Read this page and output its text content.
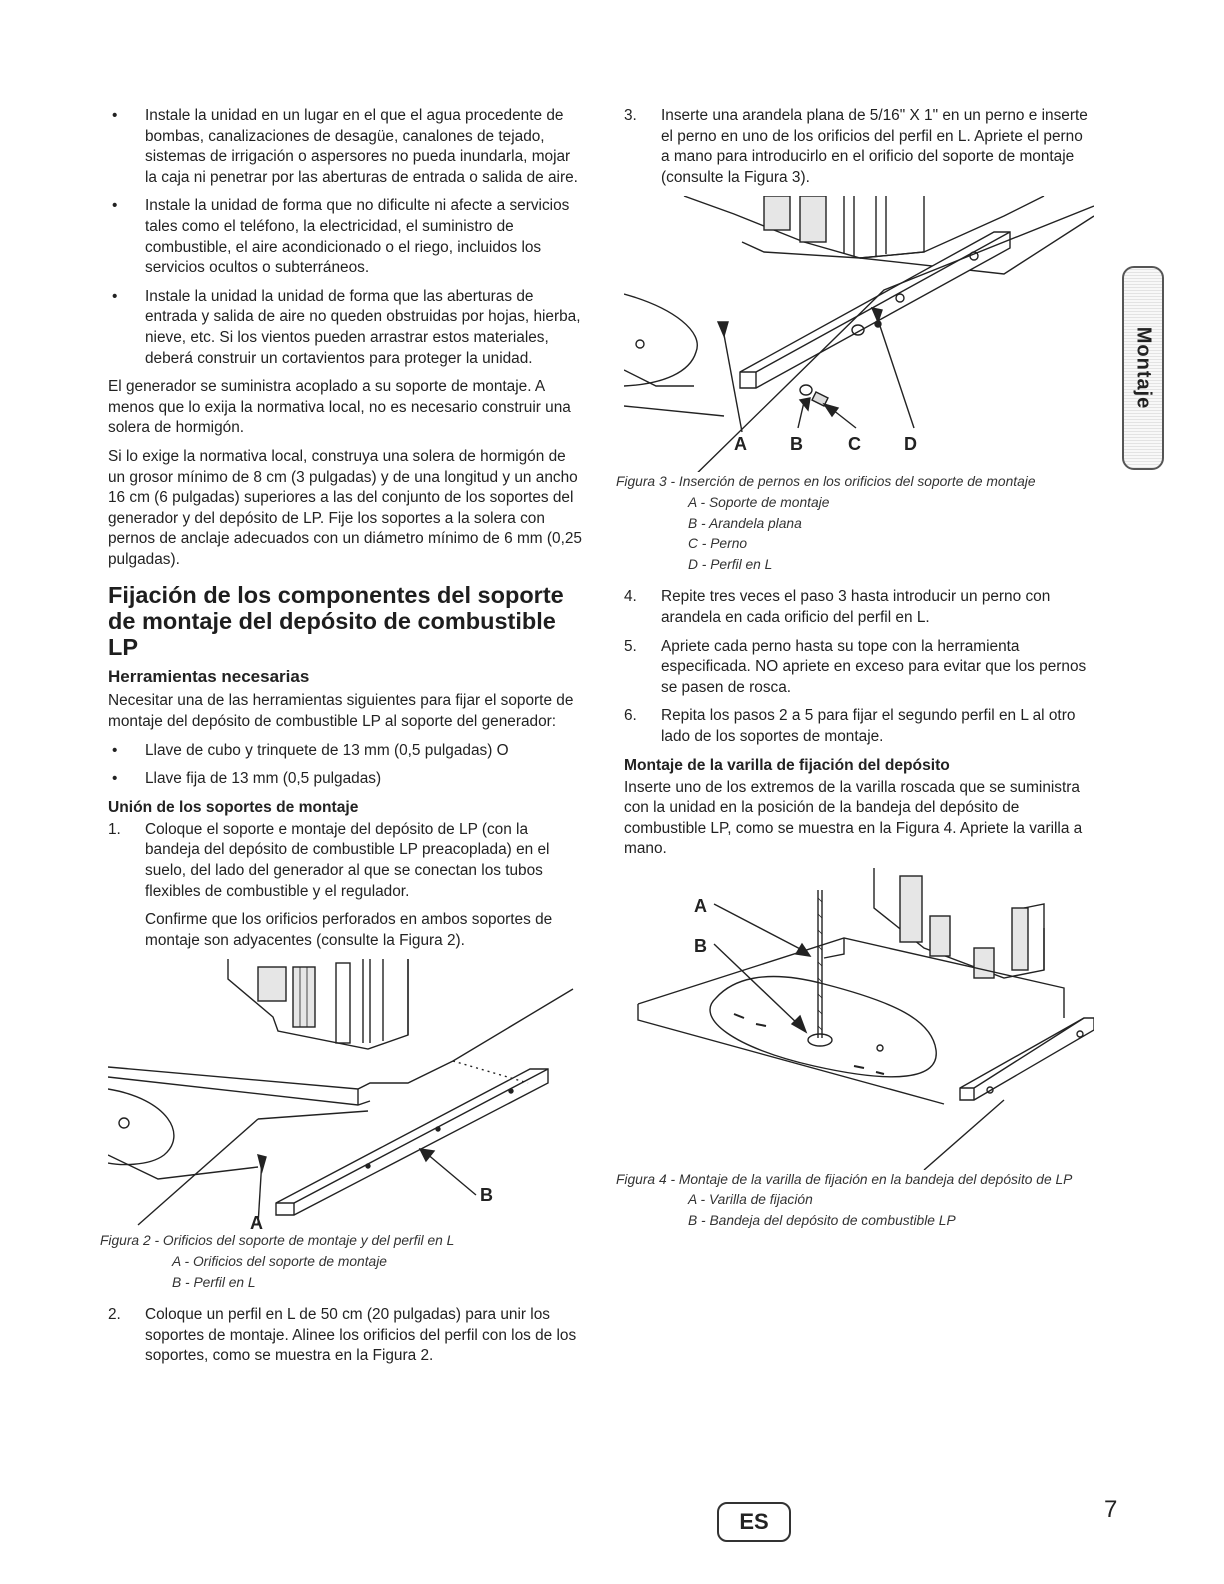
• Instale la unidad en un lugar en el que el agua procedente de bombas, canalizaciones de desagüe, canalones de tejado, sistemas de irrigación o aspersores no pueda inundarla, mojar la caja ni penetrar por las aberturas de entrada o salida de aire.
• Instale la unidad de forma que no dificulte ni afecte a servicios tales como el teléfono, la electricidad, el suministro de combustible, el aire acondicionado o el riego, incluidos los servicios ocultos o subterráneos.
• Instale la unidad la unidad de forma que las aberturas de entrada y salida de aire no queden obstruidas por hojas, hierba, nieve, etc. Si los vientos pueden arrastrar estos materiales, deberá construir un cortavientos para proteger la unidad.

El generador se suministra acoplado a su soporte de montaje. A menos que lo exija la normativa local, no es necesario construir una solera de hormigón.

Si lo exige la normativa local, construya una solera de hormigón de un grosor mínimo de 8 cm (3 pulgadas) y de una longitud y un ancho 16 cm (6 pulgadas) superiores a las del conjunto de los soportes del generador y del depósito de LP. Fije los soportes a la solera con pernos de anclaje adecuados con un diámetro mínimo de 6 mm (0,25 pulgadas).

Fijación de los componentes del soporte de montaje del depósito de combustible LP
Herramientas necesarias

Necesitar una de las herramientas siguientes para fijar el soporte de montaje del depósito de combustible LP al soporte del generador:

• Llave de cubo y trinquete de 13 mm (0,5 pulgadas) O
• Llave fija de 13 mm (0,5 pulgadas)
Unión de los soportes de montaje
1. Coloque el soporte e montaje del depósito de LP (con la bandeja del depósito de combustible LP preacoplada) en el suelo, del lado del generador al que se conectan los tubos flexibles de combustible y el regulador.
Confirme que los orificios perforados en ambos soportes de montaje son adyacentes (consulte la Figura 2).
B
A
Figura 2 - Orificios del soporte de montaje y del perfil en L
A - Orificios del soporte de montaje
B - Perfil en L
2. Coloque un perfil en L de 50 cm (20 pulgadas) para unir los soportes de montaje. Alinee los orificios del perfil con los de los soportes, como se muestra en la Figura 2.
3. Inserte una arandela plana de 5/16" X 1" en un perno e inserte el perno en uno de los orificios del perfil en L. Apriete el perno a mano para introducirlo en el orificio del soporte de montaje (consulte la Figura 3).
A B	C D
Figura 3 - Inserción de pernos en los orificios del soporte de montaje
A - Soporte de montaje
B - Arandela plana
C - Perno
D - Perfil en L
4. Repite tres veces el paso 3 hasta introducir un perno con arandela en cada orificio del perfil en L.
5. Apriete cada perno hasta su tope con la herramienta especificada. NO apriete en exceso para evitar que los pernos se pasen de rosca.
6. Repita los pasos 2 a 5 para fijar el segundo perfil en L al otro lado de los soportes de montaje.
Montaje de la varilla de fijación del depósito

Inserte uno de los extremos de la varilla roscada que se suministra con la unidad en la posición de la bandeja del depósito de combustible LP, como se muestra en la Figura 4. Apriete la varilla a mano.

A
B
Figura 4 - Montaje de la varilla de fijación en la bandeja del depósito de LP
A - Varilla de fijación
B - Bandeja del depósito de combustible LP
Montaje
ES	7
